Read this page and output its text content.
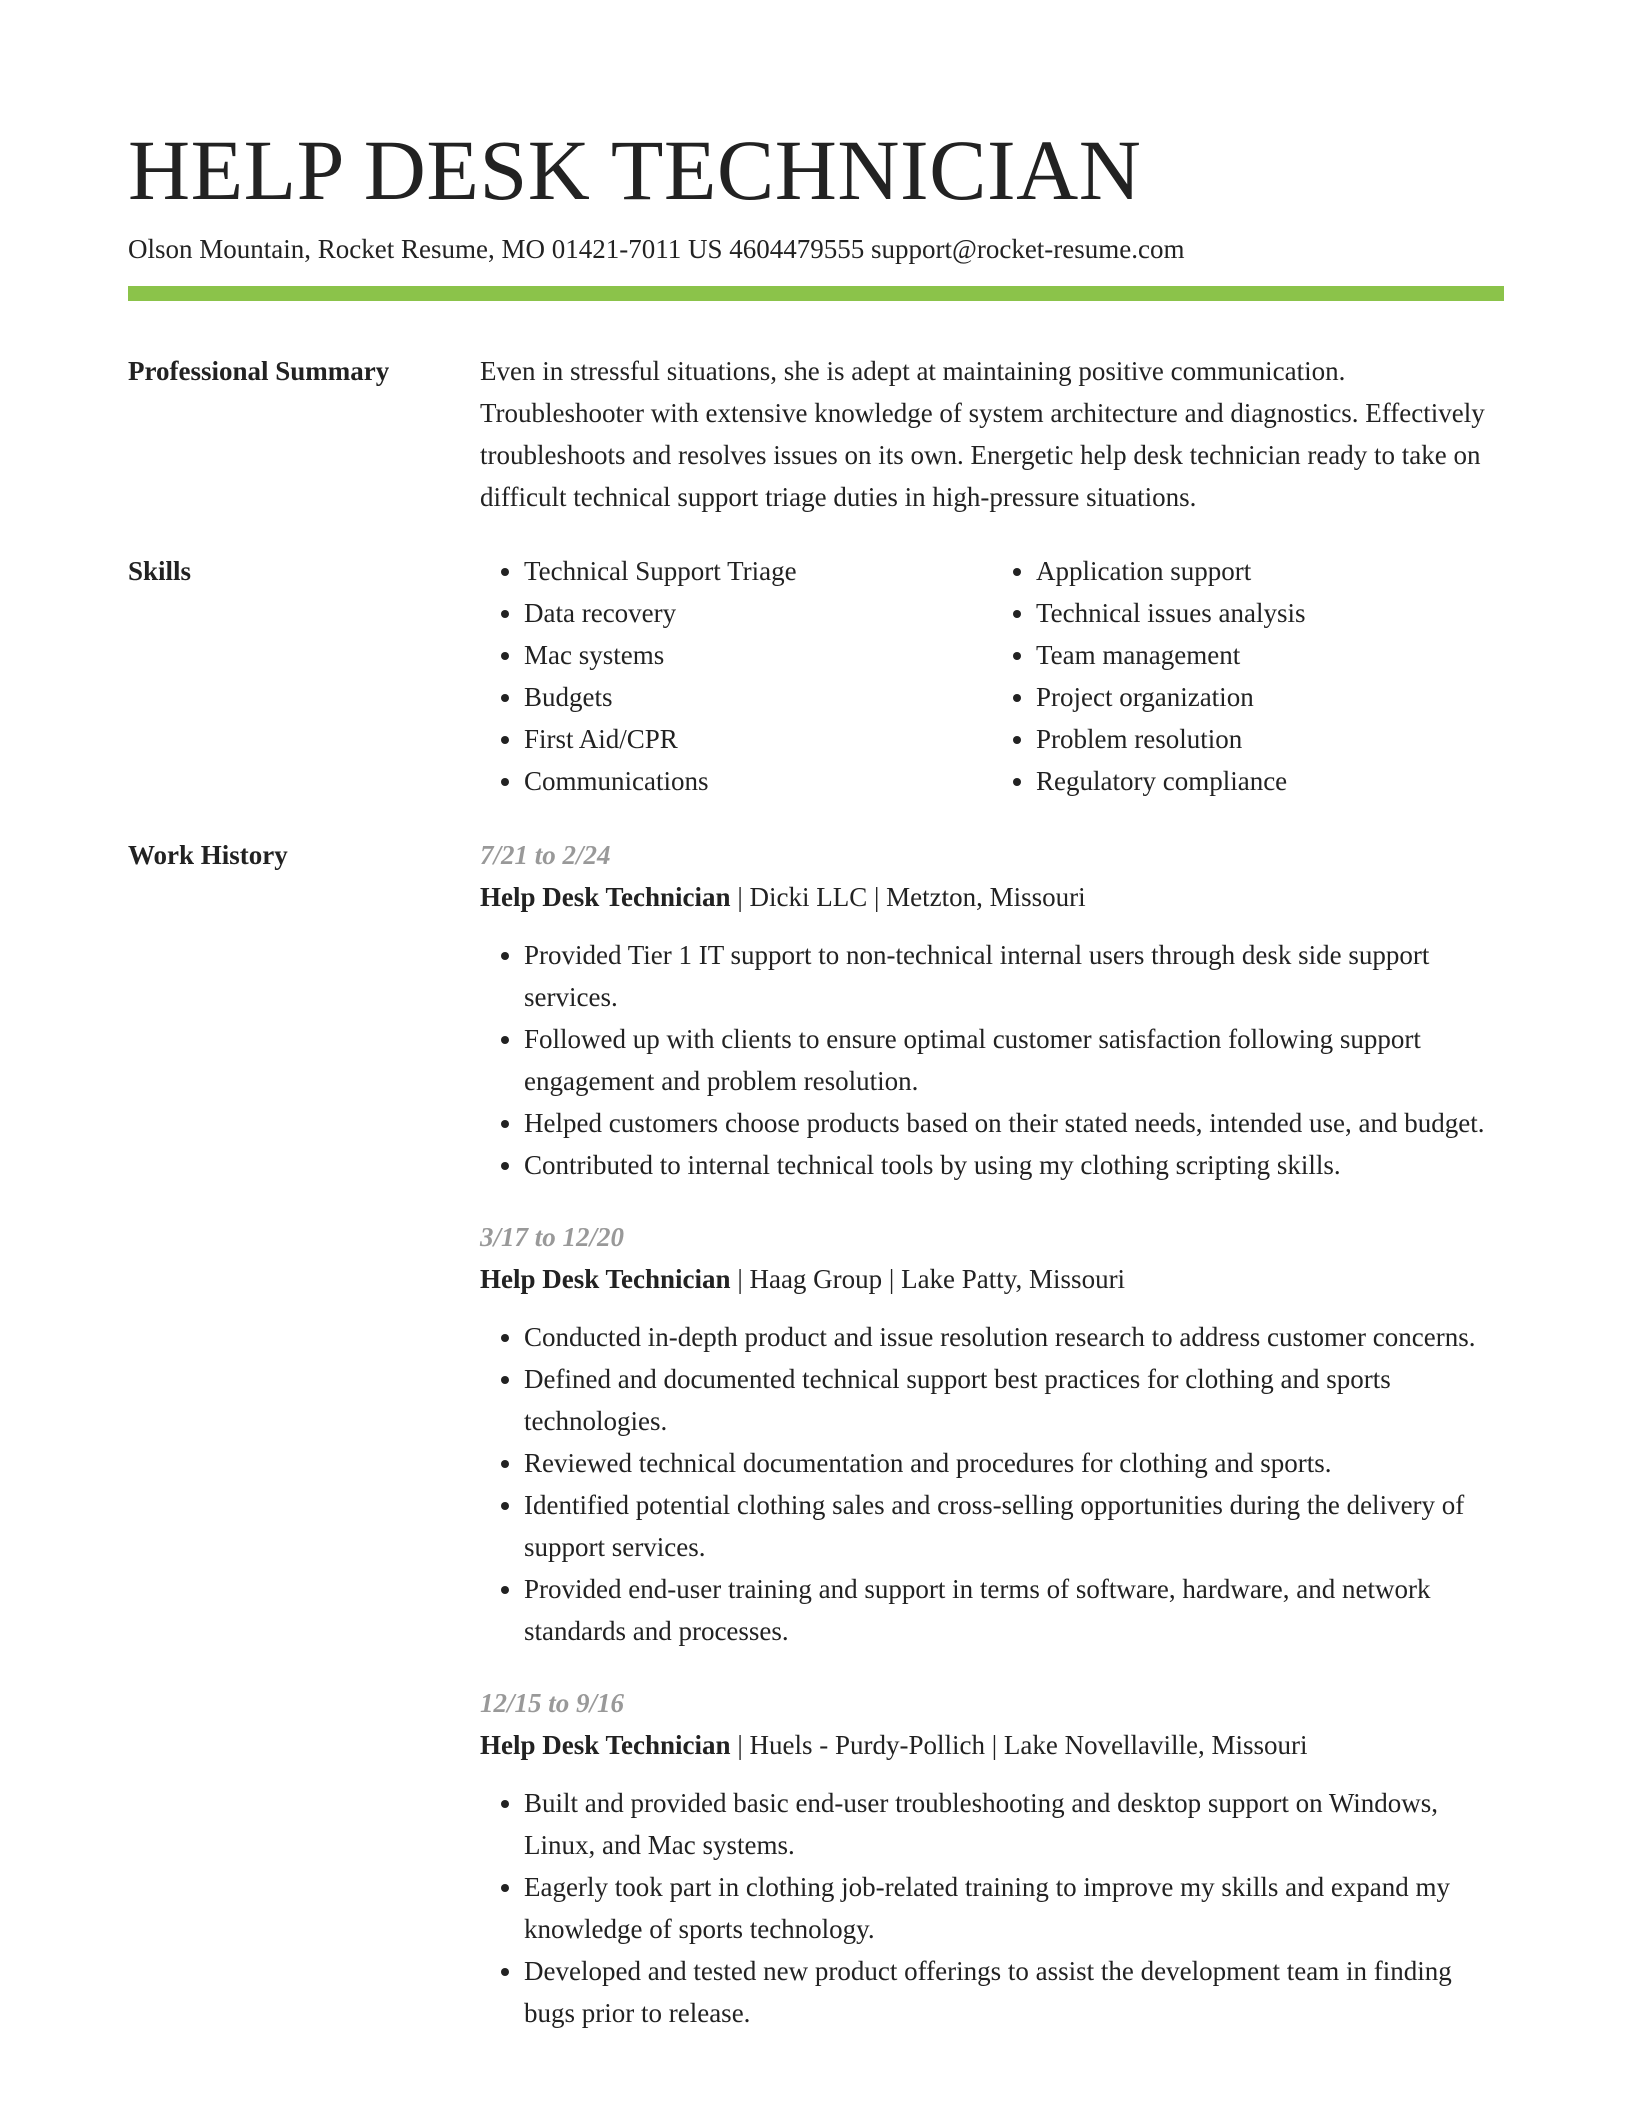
HELP DESK TECHNICIAN
Olson Mountain, Rocket Resume, MO 01421-7011 US 4604479555 support@rocket-resume.com
Professional Summary	Even in stressful situations, she is adept at maintaining positive communication. Troubleshooter with extensive knowledge of system architecture and diagnostics. Effectively troubleshoots and resolves issues on its own. Energetic help desk technician ready to take on difficult technical support triage duties in high-pressure situations.

Skills
•	Technical Support Triage
• Data recovery
• Mac systems
• Budgets
• First Aid/CPR
• Communications
• Application support
• Technical issues analysis
• Team management
• Project organization
• Problem resolution
• Regulatory compliance
Work History	7/21 to 2/24
Help Desk Technician | Dicki LLC | Metzton, Missouri
• Provided Tier 1 IT support to non-technical internal users through desk side support services.
• Followed up with clients to ensure optimal customer satisfaction following support engagement and problem resolution.
• Helped customers choose products based on their stated needs, intended use, and budget.
• Contributed to internal technical tools by using my clothing scripting skills.
3/17 to 12/20
Help Desk Technician | Haag Group | Lake Patty, Missouri
• Conducted in-depth product and issue resolution research to address customer concerns.
• Defined and documented technical support best practices for clothing and sports technologies.
• Reviewed technical documentation and procedures for clothing and sports.
• Identified potential clothing sales and cross-selling opportunities during the delivery of support services.
• Provided end-user training and support in terms of software, hardware, and network standards and processes.
12/15 to 9/16
Help Desk Technician | Huels - Purdy-Pollich | Lake Novellaville, Missouri
• Built and provided basic end-user troubleshooting and desktop support on Windows, Linux, and Mac systems.
• Eagerly took part in clothing job-related training to improve my skills and expand my knowledge of sports technology.
• Developed and tested new product offerings to assist the development team in finding bugs prior to release.
